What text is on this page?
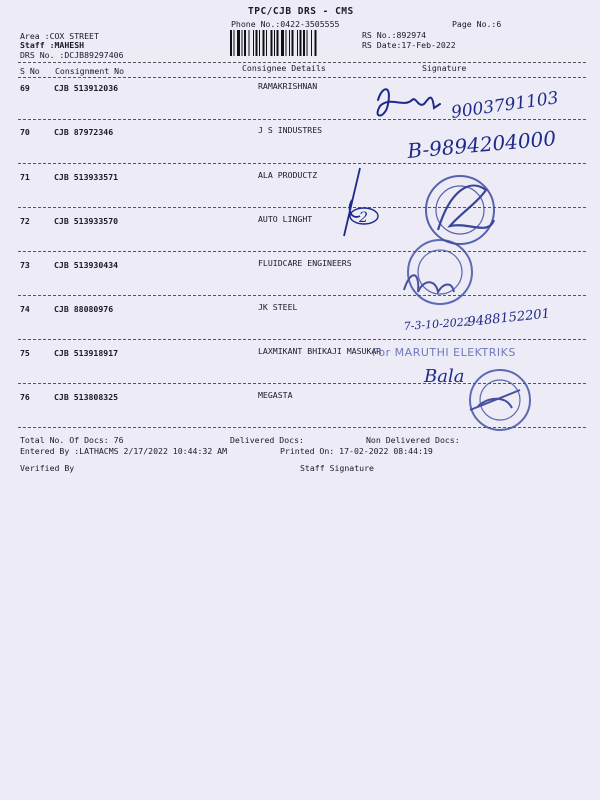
TPC/CJB DRS - CMS
Phone No.:0422-3505555	Page No.:6
Area :COX STREET
Staff :MAHESH
DRS No. :DCJB89297406
RS No.:892974
RS Date:17-Feb-2022
S No Consignment No	Consignee Details	Signature
69	CJB 513912036	RAMAKRISHNAN
70	CJB 87972346	J S INDUSTRES
71	CJB 513933571	ALA PRODUCTZ
72	CJB 513933570	AUTO LINGHT
73	CJB 513930434	FLUIDCARE ENGINEERS
74	CJB 88080976	JK STEEL
75	CJB 513918917	LAXMIKANT BHIKAJI MASUKAR
76	CJB 513808325	MEGASTA
Total No. Of Docs: 76	Delivered Docs:	Non Delivered Docs:
Entered By :LATHACMS 2/17/2022 10:44:32 AM	Printed On: 17-02-2022 08:44:19
Verified By	Staff Signature
9003791103
B-9894204000
2
7-3-10-2022
9488152201
For MARUTHI ELEKTRIKS
Bala
